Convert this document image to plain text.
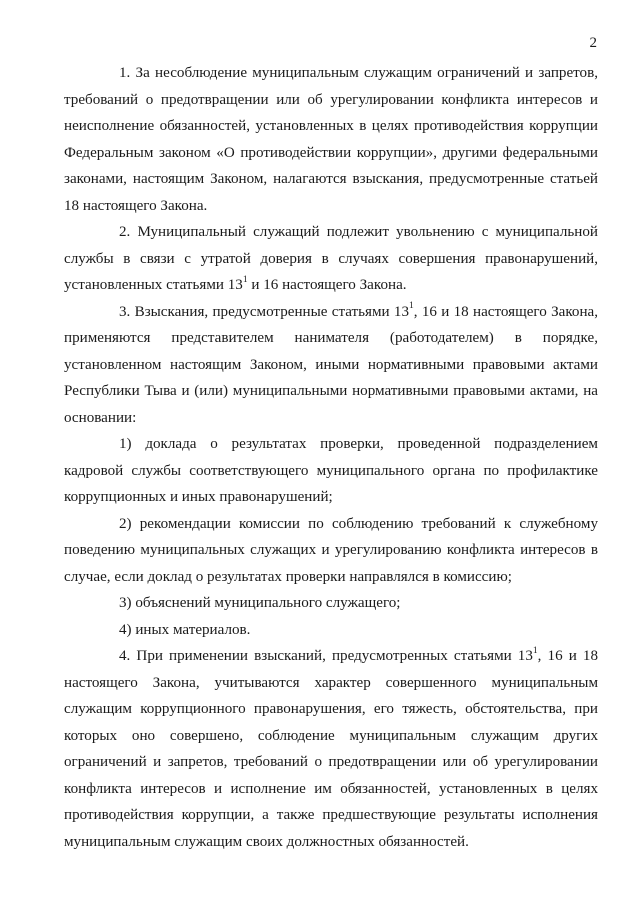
2

1. За несоблюдение муниципальным служащим ограничений и запретов, требований о предотвращении или об урегулировании конфликта интересов и неисполнение обязанностей, установленных в целях противодействия коррупции Федеральным законом «О противодействии коррупции», другими федеральными законами, настоящим Законом, налагаются взыскания, предусмотренные статьей 18 настоящего Закона.

2. Муниципальный служащий подлежит увольнению с муниципальной службы в связи с утратой доверия в случаях совершения правонарушений, установленных статьями $13^1$ и 16 настоящего Закона.

3. Взыскания, предусмотренные статьями $13^1$, 16 и 18 настоящего Закона, применяются представителем нанимателя (работодателем) в порядке, установленном настоящим Законом, иными нормативными правовыми актами Республики Тыва и (или) муниципальными нормативными правовыми актами, на основании:

1) доклада о результатах проверки, проведенной подразделением кадровой службы соответствующего муниципального органа по профилактике коррупционных и иных правонарушений;

2) рекомендации комиссии по соблюдению требований к служебному поведению муниципальных служащих и урегулированию конфликта интересов в случае, если доклад о результатах проверки направлялся в комиссию;

3) объяснений муниципального служащего;

4) иных материалов.

4. При применении взысканий, предусмотренных статьями $13^1$, 16 и 18 настоящего Закона, учитываются характер совершенного муниципальным служащим коррупционного правонарушения, его тяжесть, обстоятельства, при которых оно совершено, соблюдение муниципальным служащим других ограничений и запретов, требований о предотвращении или об урегулировании конфликта интересов и исполнение им обязанностей, установленных в целях противодействия коррупции, а также предшествующие результаты исполнения муниципальным служащим своих должностных обязанностей.
